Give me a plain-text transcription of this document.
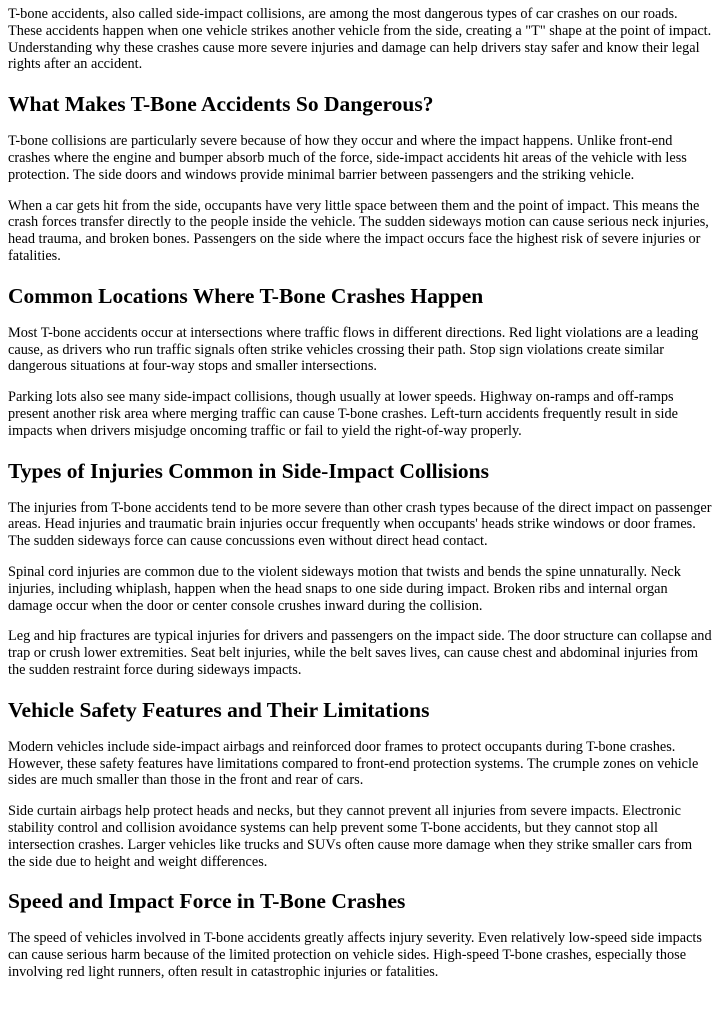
T-bone accidents, also called side-impact collisions, are among the most dangerous types of car crashes on our roads. These accidents happen when one vehicle strikes another vehicle from the side, creating a "T" shape at the point of impact. Understanding why these crashes cause more severe injuries and damage can help drivers stay safer and know their legal rights after an accident.

What Makes T-Bone Accidents So Dangerous?

T-bone collisions are particularly severe because of how they occur and where the impact happens. Unlike front-end crashes where the engine and bumper absorb much of the force, side-impact accidents hit areas of the vehicle with less protection. The side doors and windows provide minimal barrier between passengers and the striking vehicle.

When a car gets hit from the side, occupants have very little space between them and the point of impact. This means the crash forces transfer directly to the people inside the vehicle. The sudden sideways motion can cause serious neck injuries, head trauma, and broken bones. Passengers on the side where the impact occurs face the highest risk of severe injuries or fatalities.

Common Locations Where T-Bone Crashes Happen

Most T-bone accidents occur at intersections where traffic flows in different directions. Red light violations are a leading cause, as drivers who run traffic signals often strike vehicles crossing their path. Stop sign violations create similar dangerous situations at four-way stops and smaller intersections.

Parking lots also see many side-impact collisions, though usually at lower speeds. Highway on-ramps and off-ramps present another risk area where merging traffic can cause T-bone crashes. Left-turn accidents frequently result in side impacts when drivers misjudge oncoming traffic or fail to yield the right-of-way properly.

Types of Injuries Common in Side-Impact Collisions

The injuries from T-bone accidents tend to be more severe than other crash types because of the direct impact on passenger areas. Head injuries and traumatic brain injuries occur frequently when occupants' heads strike windows or door frames. The sudden sideways force can cause concussions even without direct head contact.

Spinal cord injuries are common due to the violent sideways motion that twists and bends the spine unnaturally. Neck injuries, including whiplash, happen when the head snaps to one side during impact. Broken ribs and internal organ damage occur when the door or center console crushes inward during the collision.

Leg and hip fractures are typical injuries for drivers and passengers on the impact side. The door structure can collapse and trap or crush lower extremities. Seat belt injuries, while the belt saves lives, can cause chest and abdominal injuries from the sudden restraint force during sideways impacts.

Vehicle Safety Features and Their Limitations

Modern vehicles include side-impact airbags and reinforced door frames to protect occupants during T-bone crashes. However, these safety features have limitations compared to front-end protection systems. The crumple zones on vehicle sides are much smaller than those in the front and rear of cars.

Side curtain airbags help protect heads and necks, but they cannot prevent all injuries from severe impacts. Electronic stability control and collision avoidance systems can help prevent some T-bone accidents, but they cannot stop all intersection crashes. Larger vehicles like trucks and SUVs often cause more damage when they strike smaller cars from the side due to height and weight differences.

Speed and Impact Force in T-Bone Crashes

The speed of vehicles involved in T-bone accidents greatly affects injury severity. Even relatively low-speed side impacts can cause serious harm because of the limited protection on vehicle sides. High-speed T-bone crashes, especially those involving red light runners, often result in catastrophic injuries or fatalities.
